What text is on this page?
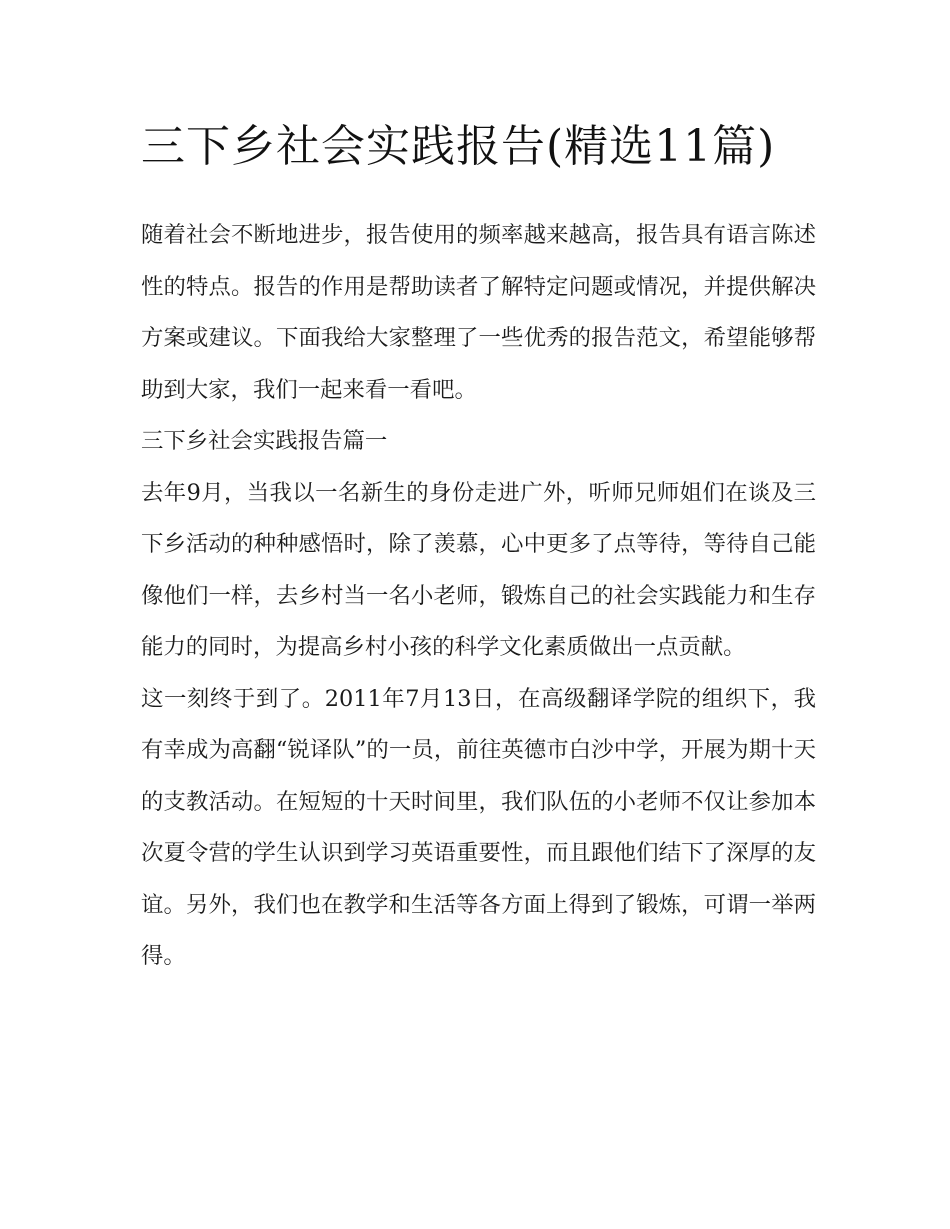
三下乡社会实践报告(精选11篇)

随着社会不断地进步，报告使用的频率越来越高，报告具有语言陈述性的特点。报告的作用是帮助读者了解特定问题或情况，并提供解决方案或建议。下面我给大家整理了一些优秀的报告范文，希望能够帮助到大家，我们一起来看一看吧。

三下乡社会实践报告篇一

去年9月，当我以一名新生的身份走进广外，听师兄师姐们在谈及三下乡活动的种种感悟时，除了羡慕，心中更多了点等待，等待自己能像他们一样，去乡村当一名小老师，锻炼自己的社会实践能力和生存能力的同时，为提高乡村小孩的科学文化素质做出一点贡献。

这一刻终于到了。2011年7月13日，在高级翻译学院的组织下，我有幸成为高翻“锐译队”的一员，前往英德市白沙中学，开展为期十天的支教活动。在短短的十天时间里，我们队伍的小老师不仅让参加本次夏令营的学生认识到学习英语重要性，而且跟他们结下了深厚的友谊。另外，我们也在教学和生活等各方面上得到了锻炼，可谓一举两得。
